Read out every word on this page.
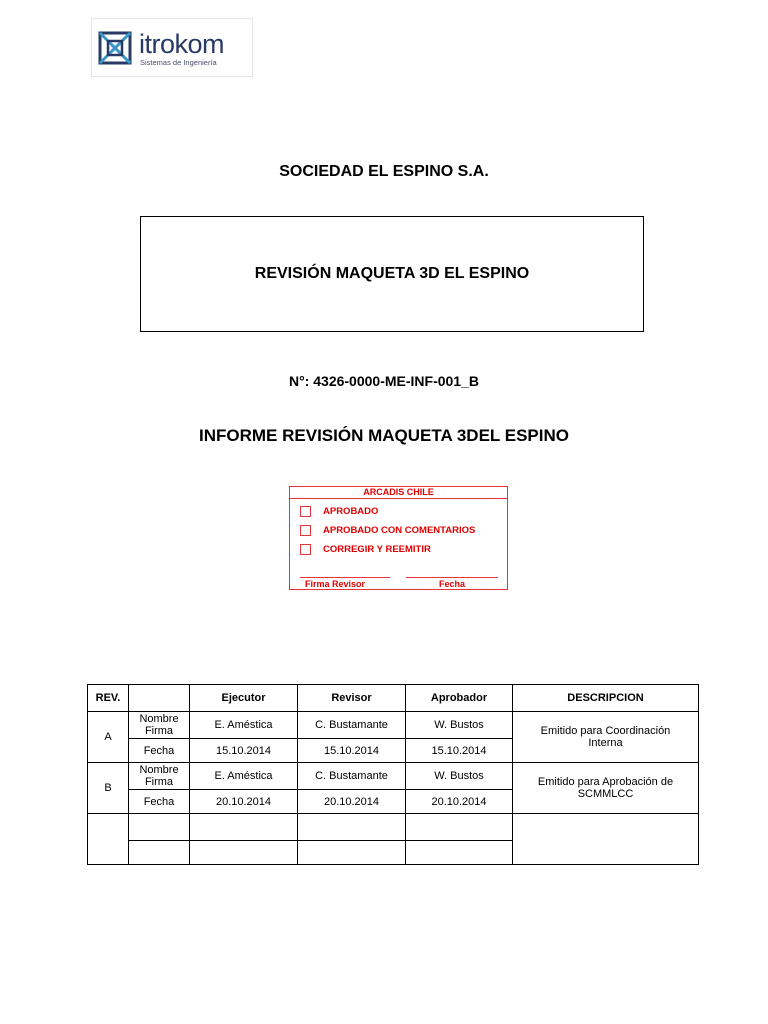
itrokom
Sistemas de Ingeniería
SOCIEDAD EL ESPINO S.A.
REVISIÓN MAQUETA 3D EL ESPINO
N°: 4326-0000-ME-INF-001_B
INFORME REVISIÓN MAQUETA 3DEL ESPINO
ARCADIS CHILE
APROBADO
APROBADO CON COMENTARIOS
CORREGIR Y REEMITIR
Firma Revisor	Fecha
REV.		Ejecutor	Revisor	Aprobador	DESCRIPCION
A	Nombre Firma	E. Améstica	C. Bustamante	W. Bustos	Emitido para Coordinación Interna
	Fecha	15.10.2014	15.10.2014	15.10.2014	
B	Nombre Firma	E. Améstica	C. Bustamante	W. Bustos	Emitido para Aprobación de SCMMLCC
	Fecha	20.10.2014	20.10.2014	20.10.2014	
